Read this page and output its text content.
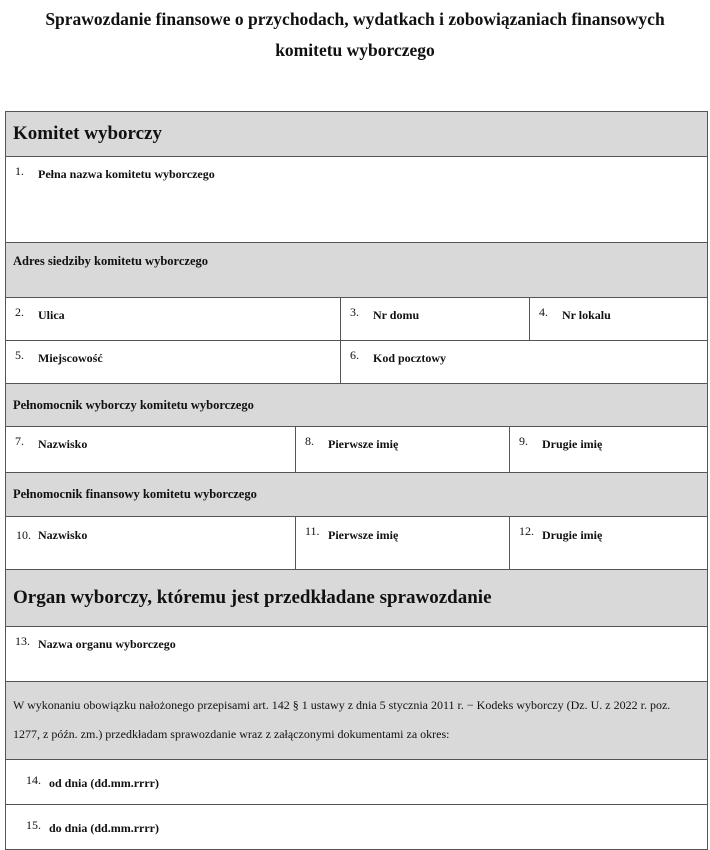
Sprawozdanie finansowe o przychodach, wydatkach i zobowiązaniach finansowych
komitetu wyborczego
Komitet wyborczy
1. Pełna nazwa komitetu wyborczego
Adres siedziby komitetu wyborczego
2. Ulica	3. Nr domu	4. Nr lokalu
5. Miejscowość	6. Kod pocztowy
Pełnomocnik wyborczy komitetu wyborczego
7. Nazwisko	8. Pierwsze imię	9. Drugie imię
Pełnomocnik finansowy komitetu wyborczego
10. Nazwisko	11. Pierwsze imię	12. Drugie imię
Organ wyborczy, któremu jest przedkładane sprawozdanie
13. Nazwa organu wyborczego
W wykonaniu obowiązku nałożonego przepisami art. 142 § 1 ustawy z dnia 5 stycznia 2011 r. − Kodeks wyborczy (Dz. U. z 2022 r. poz. 1277, z późn. zm.) przedkładam sprawozdanie wraz z załączonymi dokumentami za okres:
14. od dnia (dd.mm.rrrr)
15. do dnia (dd.mm.rrrr)
